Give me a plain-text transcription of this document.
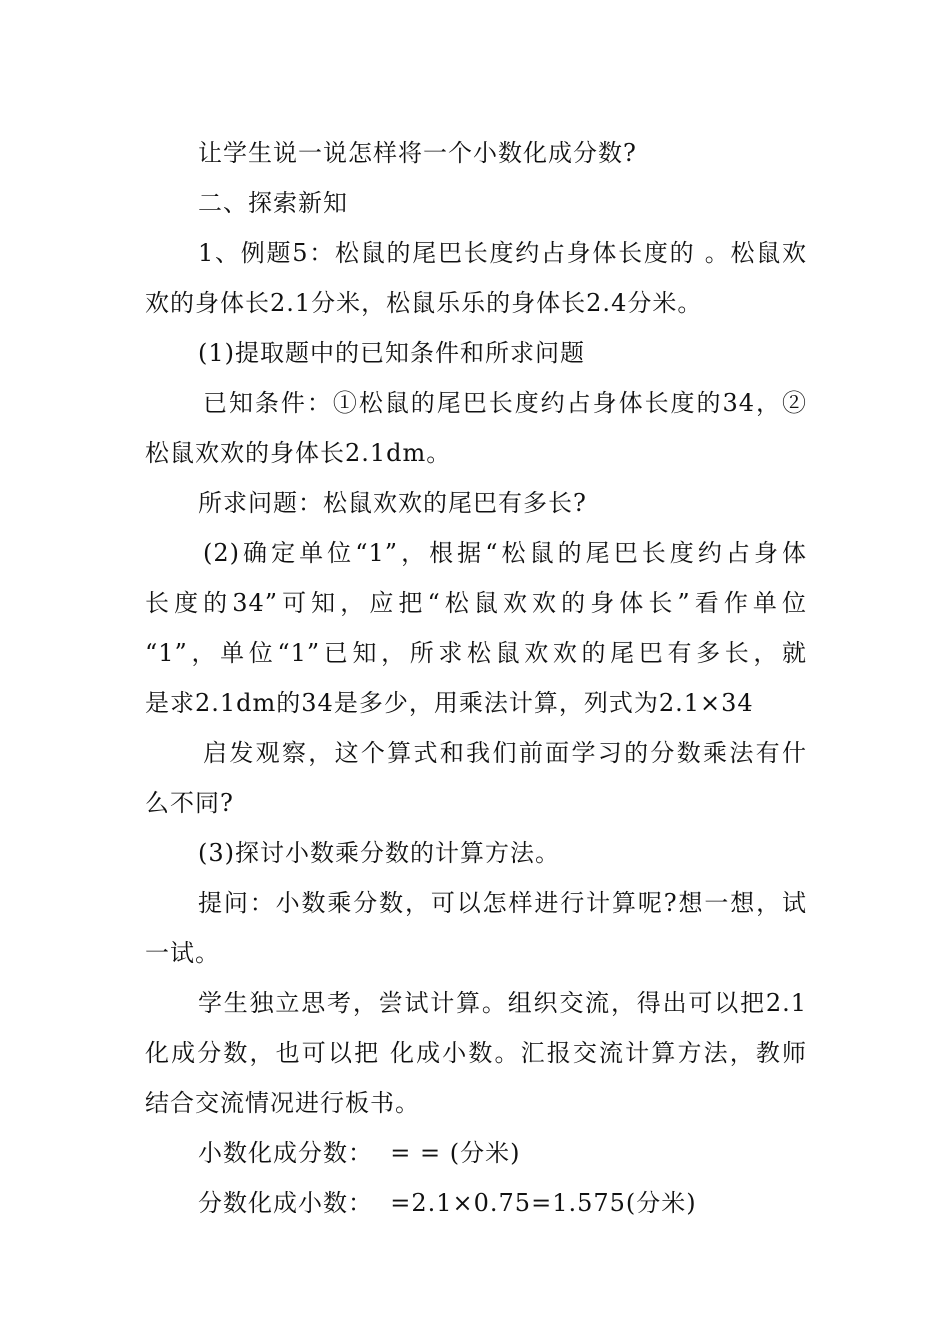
让学生说一说怎样将一个小数化成分数?

二、探索新知

1、例题5：松鼠的尾巴长度约占身体长度的 。松鼠欢
欢的身体长2.1分米，松鼠乐乐的身体长2.4分米。

(1)提取题中的已知条件和所求问题

已知条件：①松鼠的尾巴长度约占身体长度的34，②
松鼠欢欢的身体长2.1dm。

所求问题：松鼠欢欢的尾巴有多长?

(2)确定单位“1”，根据“松鼠的尾巴长度约占身体
长度的34”可知，应把“松鼠欢欢的身体长”看作单位
“1”，单位“1”已知，所求松鼠欢欢的尾巴有多长，就
是求2.1dm的34是多少，用乘法计算，列式为2.1×34

启发观察，这个算式和我们前面学习的分数乘法有什
么不同?

(3)探讨小数乘分数的计算方法。

提问：小数乘分数，可以怎样进行计算呢?想一想，试
一试。

学生独立思考，尝试计算。组织交流，得出可以把2.1
化成分数，也可以把 化成小数。汇报交流计算方法，教师
结合交流情况进行板书。

小数化成分数：  = = (分米)

分数化成小数：  =2.1×0.75=1.575(分米)
